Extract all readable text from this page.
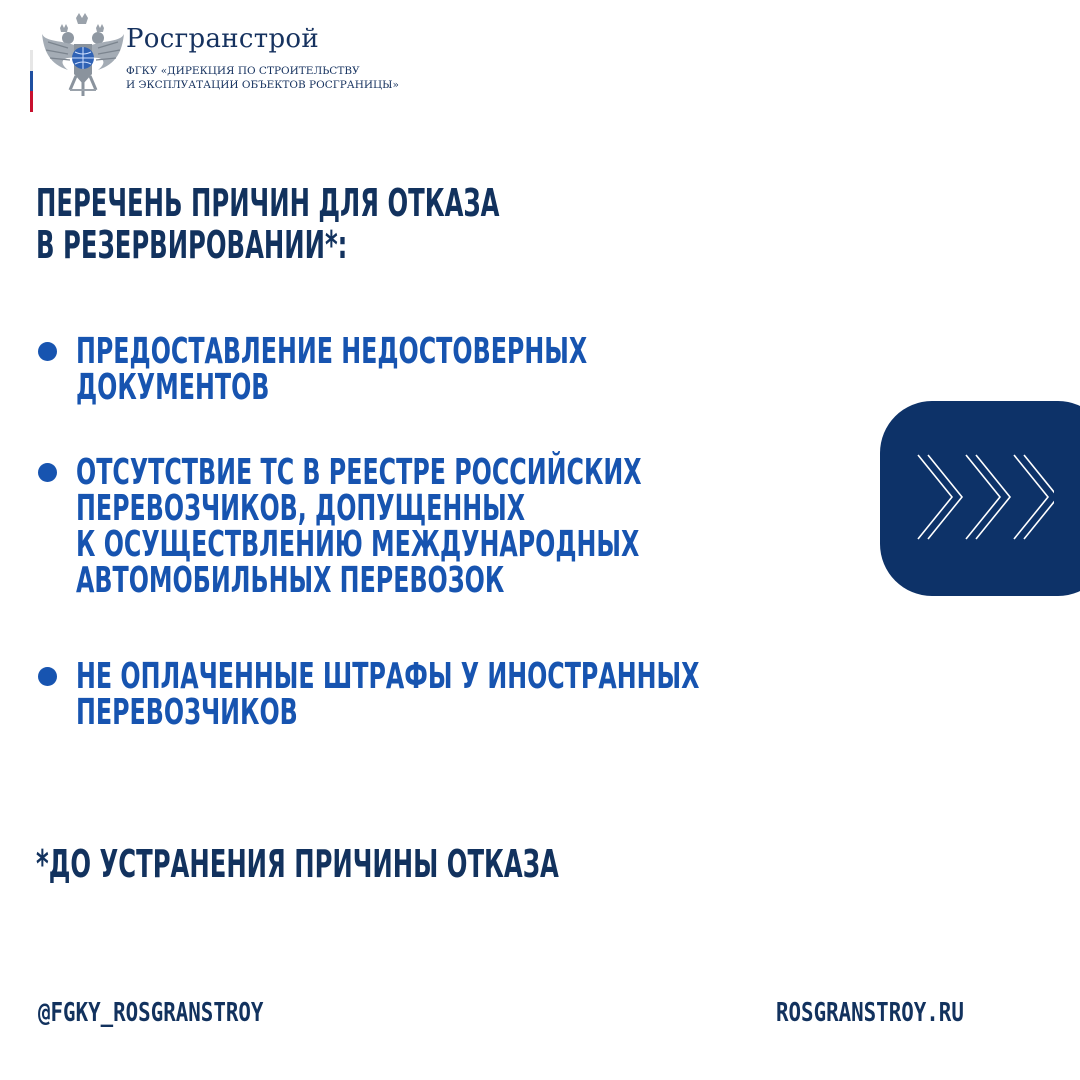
Росгранстрой
ФГКУ «ДИРЕКЦИЯ ПО СТРОИТЕЛЬСТВУ
И ЭКСПЛУАТАЦИИ ОБЪЕКТОВ РОСГРАНИЦЫ»
ПЕРЕЧЕНЬ ПРИЧИН ДЛЯ ОТКАЗА
В РЕЗЕРВИРОВАНИИ*:
ПРЕДОСТАВЛЕНИЕ НЕДОСТОВЕРНЫХ
ДОКУМЕНТОВ
ОТСУТСТВИЕ ТС В РЕЕСТРЕ РОССИЙСКИХ
ПЕРЕВОЗЧИКОВ, ДОПУЩЕННЫХ
К ОСУЩЕСТВЛЕНИЮ МЕЖДУНАРОДНЫХ
АВТОМОБИЛЬНЫХ ПЕРЕВОЗОК
НЕ ОПЛАЧЕННЫЕ ШТРАФЫ У ИНОСТРАННЫХ
ПЕРЕВОЗЧИКОВ
*ДО УСТРАНЕНИЯ ПРИЧИНЫ ОТКАЗА
@FGKY_ROSGRANSTROY	ROSGRANSTROY.RU
